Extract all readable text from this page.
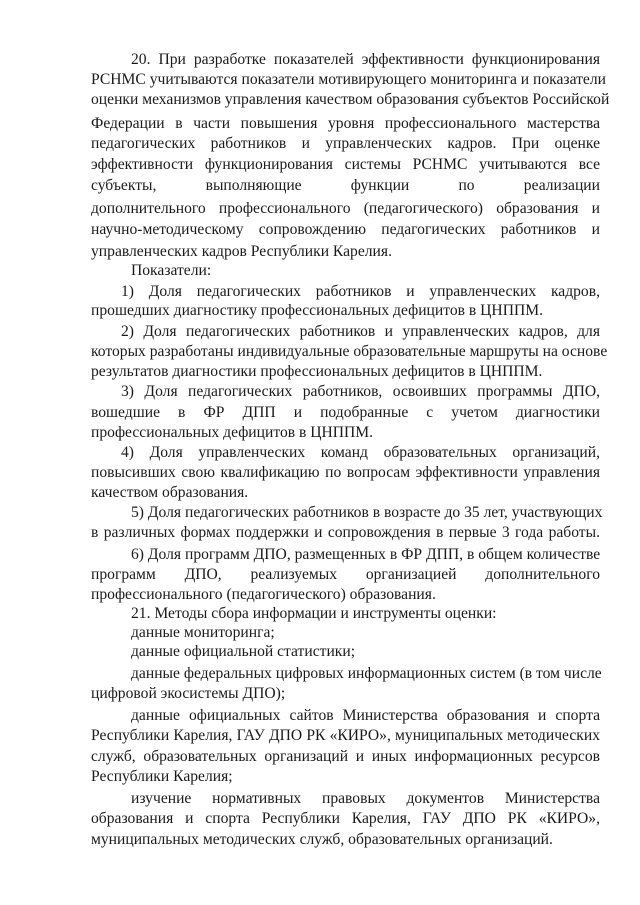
20. При разработке показателей эффективности функционирования
РСНМС учитываются показатели мотивирующего мониторинга и показатели
оценки механизмов управления качеством образования субъектов Российской
Федерации в части повышения уровня профессионального мастерства
педагогических работников и управленческих кадров. При оценке
эффективности функционирования системы РСНМС учитываются все
субъекты, выполняющие функции по реализации
дополнительного профессионального (педагогического) образования и
научно-методическому сопровождению педагогических работников и
управленческих кадров Республики Карелия.
Показатели:
1) Доля педагогических работников и управленческих кадров,
прошедших диагностику профессиональных дефицитов в ЦНППМ.
2) Доля педагогических работников и управленческих кадров, для
которых разработаны индивидуальные образовательные маршруты на основе
результатов диагностики профессиональных дефицитов в ЦНППМ.
3) Доля педагогических работников, освоивших программы ДПО,
вошедшие в ФР ДПП и подобранные с учетом диагностики
профессиональных дефицитов в ЦНППМ.
4) Доля управленческих команд образовательных организаций,
повысивших свою квалификацию по вопросам эффективности управления
качеством образования.
5) Доля педагогических работников в возрасте до 35 лет, участвующих
в различных формах поддержки и сопровождения в первые 3 года работы.
6) Доля программ ДПО, размещенных в ФР ДПП, в общем количестве
программ ДПО, реализуемых организацией дополнительного
профессионального (педагогического) образования.
21. Методы сбора информации и инструменты оценки:
данные мониторинга;
данные официальной статистики;
данные федеральных цифровых информационных систем (в том числе
цифровой экосистемы ДПО);
данные официальных сайтов Министерства образования и спорта
Республики Карелия, ГАУ ДПО РК «КИРО», муниципальных методических
служб, образовательных организаций и иных информационных ресурсов
Республики Карелия;
изучение нормативных правовых документов Министерства
образования и спорта Республики Карелия, ГАУ ДПО РК «КИРО»,
муниципальных методических служб, образовательных организаций.
